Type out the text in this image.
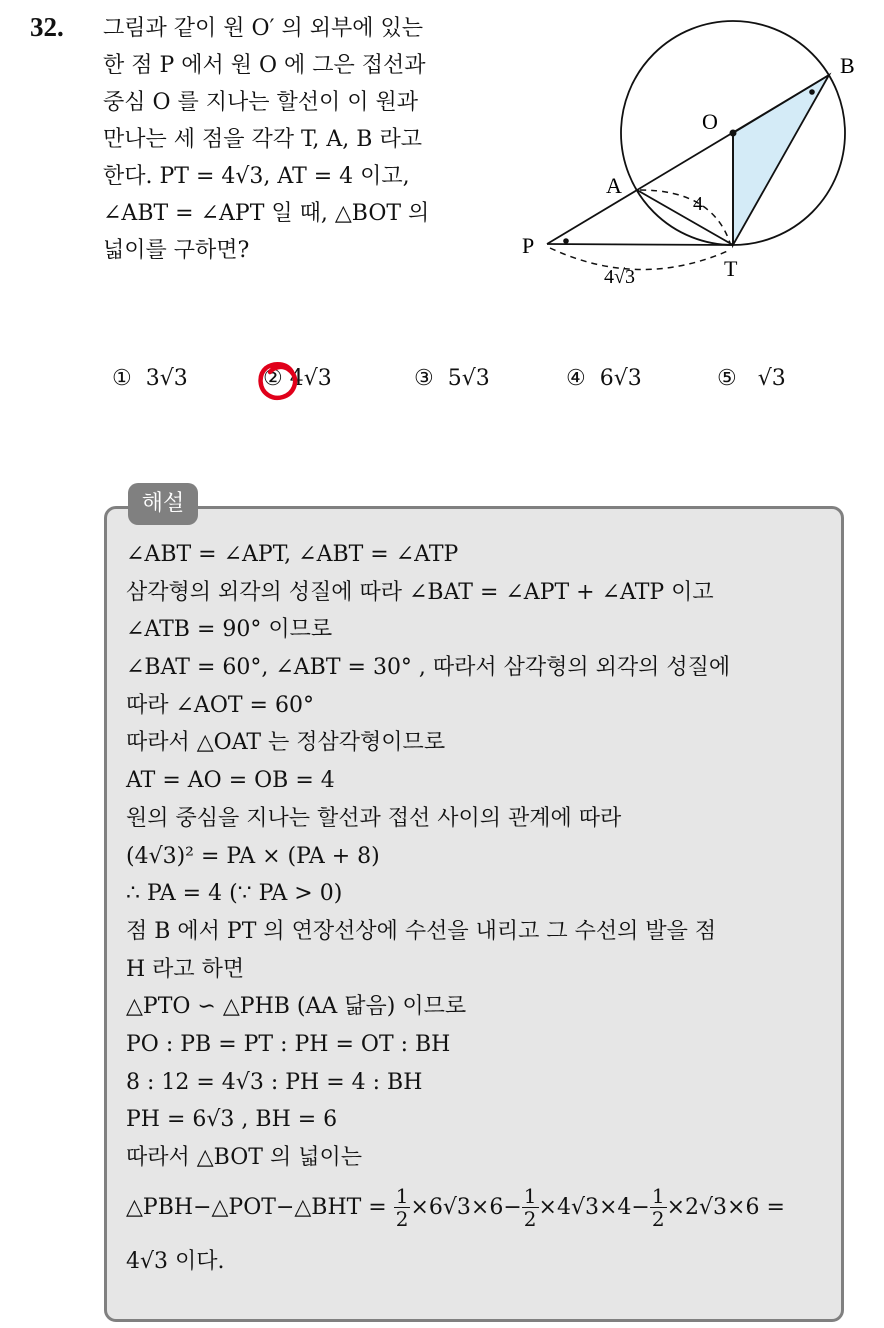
32. 그림과 같이 원 O′ 의 외부에 있는
한 점 P 에서 원 O 에 그은 접선과
중심 O 를 지나는 할선이 이 원과
만나는 세 점을 각각 T, A, B 라고
한다. PT = 4√3, AT = 4 이고,
∠ABT = ∠APT 일 때, △BOT 의
넓이를 구하면?
B
O
A
P
T
4
4√3
① 3√3	② 4√3	③ 5√3	④ 6√3	⑤ √3
해설
∠ABT = ∠APT, ∠ABT = ∠ATP
삼각형의 외각의 성질에 따라 ∠BAT = ∠APT + ∠ATP 이고
∠ATB = 90° 이므로
∠BAT = 60°, ∠ABT = 30° , 따라서 삼각형의 외각의 성질에
따라 ∠AOT = 60°
따라서 △OAT 는 정삼각형이므로
AT = AO = OB = 4
원의 중심을 지나는 할선과 접선 사이의 관계에 따라
(4√3)² = PA × (PA + 8)
∴ PA = 4 (∵ PA > 0)
점 B 에서 PT 의 연장선상에 수선을 내리고 그 수선의 발을 점
H 라고 하면
△PTO ∽ △PHB (AA 닮음) 이므로
PO : PB = PT : PH = OT : BH
8 : 12 = 4√3 : PH = 4 : BH
PH = 6√3 , BH = 6
따라서 △BOT 의 넓이는
△PBH−△POT−△BHT = $\frac{1}{2} \times 6√3\times 6- \frac{1}{2} \times 4√3\times 4- \frac{1}{2} \times 2√3\times 6$ =
4√3 이다.
